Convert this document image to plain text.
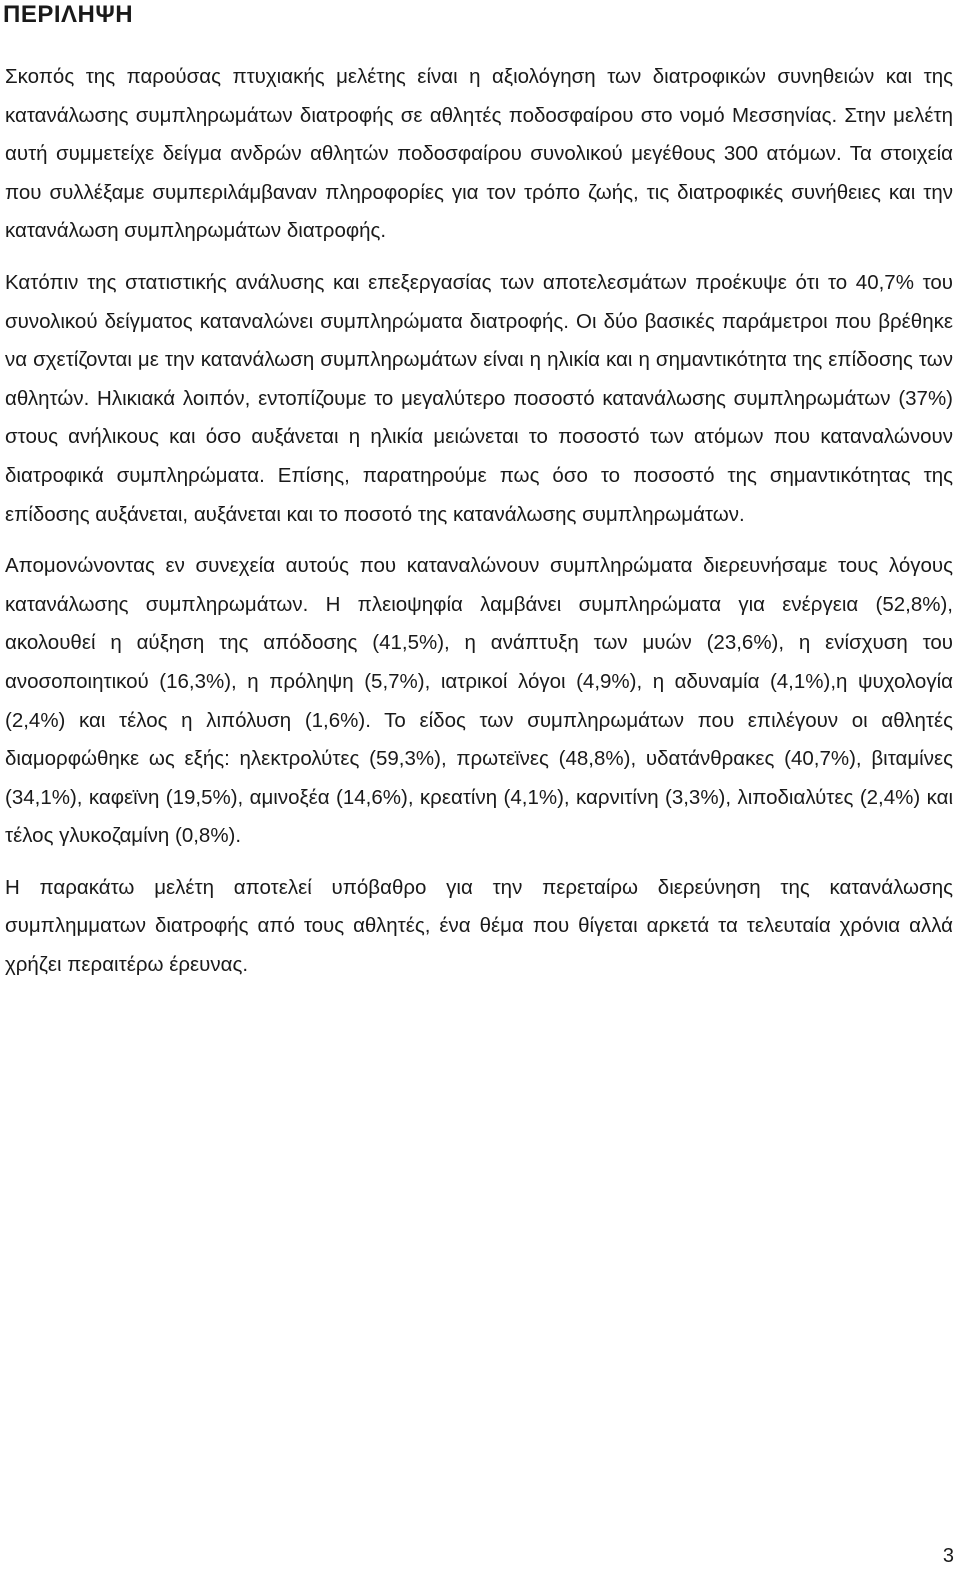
ΠΕΡΙΛΗΨΗ

Σκοπός της παρούσας πτυχιακής μελέτης είναι η αξιολόγηση των διατροφικών συνηθειών και της κατανάλωσης συμπληρωμάτων διατροφής σε αθλητές ποδοσφαίρου στο νομό Μεσσηνίας. Στην μελέτη αυτή συμμετείχε δείγμα ανδρών αθλητών ποδοσφαίρου συνολικού μεγέθους 300 ατόμων. Τα στοιχεία που συλλέξαμε συμπεριλάμβαναν πληροφορίες για τον τρόπο ζωής, τις διατροφικές συνήθειες και την κατανάλωση συμπληρωμάτων διατροφής.

Κατόπιν της στατιστικής ανάλυσης και επεξεργασίας των αποτελεσμάτων προέκυψε ότι το 40,7% του συνολικού δείγματος καταναλώνει συμπληρώματα διατροφής. Οι δύο βασικές παράμετροι που βρέθηκε να σχετίζονται με την κατανάλωση συμπληρωμάτων είναι η ηλικία και η σημαντικότητα της επίδοσης των αθλητών. Ηλικιακά λοιπόν, εντοπίζουμε το μεγαλύτερο ποσοστό κατανάλωσης συμπληρωμάτων (37%) στους ανήλικους και όσο αυξάνεται η ηλικία μειώνεται το ποσοστό των ατόμων που καταναλώνουν διατροφικά συμπληρώματα. Επίσης, παρατηρούμε πως όσο το ποσοστό της σημαντικότητας της επίδοσης αυξάνεται, αυξάνεται και το ποσοτό της κατανάλωσης συμπληρωμάτων.

Απομονώνοντας εν συνεχεία αυτούς που καταναλώνουν συμπληρώματα διερευνήσαμε τους λόγους κατανάλωσης συμπληρωμάτων. Η πλειοψηφία λαμβάνει συμπληρώματα για ενέργεια (52,8%), ακολουθεί η αύξηση της απόδοσης (41,5%), η ανάπτυξη των μυών (23,6%), η ενίσχυση του ανοσοποιητικού (16,3%), η πρόληψη (5,7%), ιατρικοί λόγοι (4,9%), η αδυναμία (4,1%),η ψυχολογία (2,4%) και τέλος η λιπόλυση (1,6%). Το είδος των συμπληρωμάτων που επιλέγουν οι αθλητές διαμορφώθηκε ως εξής: ηλεκτρολύτες (59,3%), πρωτεϊνες (48,8%), υδατάνθρακες (40,7%), βιταμίνες (34,1%), καφεϊνη (19,5%), αμινοξέα (14,6%), κρεατίνη (4,1%), καρνιτίνη (3,3%), λιποδιαλύτες (2,4%) και τέλος γλυκοζαμίνη (0,8%).

Η παρακάτω μελέτη αποτελεί υπόβαθρο για την περεταίρω διερεύνηση της κατανάλωσης συμπλημματων διατροφής από τους αθλητές, ένα θέμα που θίγεται αρκετά τα τελευταία χρόνια αλλά χρήζει περαιτέρω έρευνας.

3
